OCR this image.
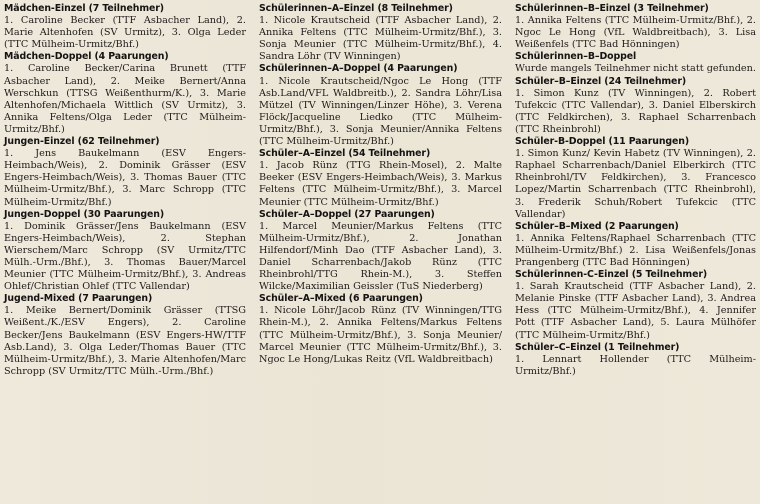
Mädchen-Einzel (7 Teilnehmer)

1. Caroline Becker (TTF Asbacher Land), 2. Marie Altenhofen (SV Urmitz), 3. Olga Leder (TTC Mülheim-Urmitz/Bhf.)

Mädchen-Doppel (4 Paarungen)

1. Caroline Becker/Carina Brunett (TTF Asbacher Land), 2. Meike Bernert/Anna Werschkun (TTSG Weißenthurm/K.), 3. Marie Altenhofen/Michaela Wittlich (SV Urmitz), 3. Annika Feltens/Olga Leder (TTC Mülheim-Urmitz/Bhf.)

Jungen-Einzel (62 Teilnehmer)

1. Jens Baukelmann (ESV Engers-Heimbach/Weis), 2. Dominik Grässer (ESV Engers-Heimbach/Weis), 3. Thomas Bauer (TTC Mülheim-Urmitz/Bhf.), 3. Marc Schropp (TTC Mülheim-Urmitz/Bhf.)

Jungen-Doppel (30 Paarungen)

1. Dominik Grässer/Jens Baukelmann (ESV Engers-Heimbach/Weis), 2. Stephan Wierschem/Marc Schropp (SV Urmitz/TTC Mülh.-Urm./Bhf.), 3. Thomas Bauer/Marcel Meunier (TTC Mülheim-Urmitz/Bhf.), 3. Andreas Ohlef/Christian Ohlef (TTC Vallendar)

Jugend-Mixed (7 Paarungen)

1. Meike Bernert/Dominik Grässer (TTSG Weißent./K./ESV Engers), 2. Caroline Becker/Jens Baukelmann (ESV Engers-HW/TTF Asb.Land), 3. Olga Leder/Thomas Bauer (TTC Mülheim-Urmitz/Bhf.), 3. Marie Altenhofen/Marc Schropp (SV Urmitz/TTC Mülh.-Urm./Bhf.)

Schülerinnen–A–Einzel (8 Teilnehmer)

1. Nicole Krautscheid (TTF Asbacher Land), 2. Annika Feltens (TTC Mülheim-Urmitz/Bhf.), 3. Sonja Meunier (TTC Mülheim-Urmitz/Bhf.), 4. Sandra Löhr (TV Winningen)

Schülerinnen–A–Doppel (4 Paarungen)

1. Nicole Krautscheid/Ngoc Le Hong (TTF Asb.Land/VFL Waldbreitb.), 2. Sandra Löhr/Lisa Mützel (TV Winningen/Linzer Höhe), 3. Verena Flöck/Jacqueline Liedko (TTC Mülheim-Urmitz/Bhf.), 3. Sonja Meunier/Annika Feltens (TTC Mülheim-Urmitz/Bhf.)

Schüler–A–Einzel (54 Teilnehmer)

1. Jacob Rünz (TTG Rhein-Mosel), 2. Malte Beeker (ESV Engers-Heimbach/Weis), 3. Markus Feltens (TTC Mülheim-Urmitz/Bhf.), 3. Marcel Meunier (TTC Mülheim-Urmitz/Bhf.)

Schüler–A–Doppel (27 Paarungen)

1. Marcel Meunier/Markus Feltens (TTC Mülheim-Urmitz/Bhf.), 2. Jonathan Hilfendorf/Minh Dao (TTF Asbacher Land), 3. Daniel Scharrenbach/Jakob Rünz (TTC Rheinbrohl/TTG Rhein-M.), 3. Steffen Wilcke/Maximilian Geissler (TuS Niederberg)

Schüler–A–Mixed (6 Paarungen)

1. Nicole Löhr/Jacob Rünz (TV Winningen/TTG Rhein-M.), 2. Annika Feltens/Markus Feltens (TTC Mülheim-Urmitz/Bhf.), 3. Sonja Meunier/ Marcel Meunier (TTC Mülheim-Urmitz/Bhf.), 3. Ngoc Le Hong/Lukas Reitz (VfL Waldbreitbach)

Schülerinnen–B–Einzel (3 Teilnehmer)

1. Annika Feltens (TTC Mülheim-Urmitz/Bhf.), 2. Ngoc Le Hong (VfL Waldbreitbach), 3. Lisa Weißenfels (TTC Bad Hönningen)

Schülerinnen–B–Doppel

Wurde mangels Teilnehmer nicht statt gefunden.

Schüler–B–Einzel (24 Teilnehmer)

1. Simon Kunz (TV Winningen), 2. Robert Tufekcic (TTC Vallendar), 3. Daniel Elberskirch (TTC Feldkirchen), 3. Raphael Scharrenbach (TTC Rheinbrohl)

Schüler-B-Doppel (11 Paarungen)

1. Simon Kunz/ Kevin Habetz (TV Winningen), 2. Raphael Scharrenbach/Daniel Elberkirch (TTC Rheinbrohl/TV Feldkirchen), 3. Francesco Lopez/Martin Scharrenbach (TTC Rheinbrohl), 3. Frederik Schuh/Robert Tufekcic (TTC Vallendar)

Schüler–B–Mixed (2 Paarungen)

1. Annika Feltens/Raphael Scharrenbach (TTC Mülheim-Urmitz/Bhf.) 2. Lisa Weißenfels/Jonas Prangenberg (TTC Bad Hönningen)

Schülerinnen-C-Einzel (5 Teilnehmer)

1. Sarah Krautscheid (TTF Asbacher Land), 2. Melanie Pinske (TTF Asbacher Land), 3. Andrea Hess (TTC Mülheim-Urmitz/Bhf.), 4. Jennifer Pott (TTF Asbacher Land), 5. Laura Mülhöfer (TTC Mülheim-Urmitz/Bhf.)

Schüler–C–Einzel (1 Teilnehmer)

1. Lennart Hollender (TTC Mülheim-Urmitz/Bhf.)
